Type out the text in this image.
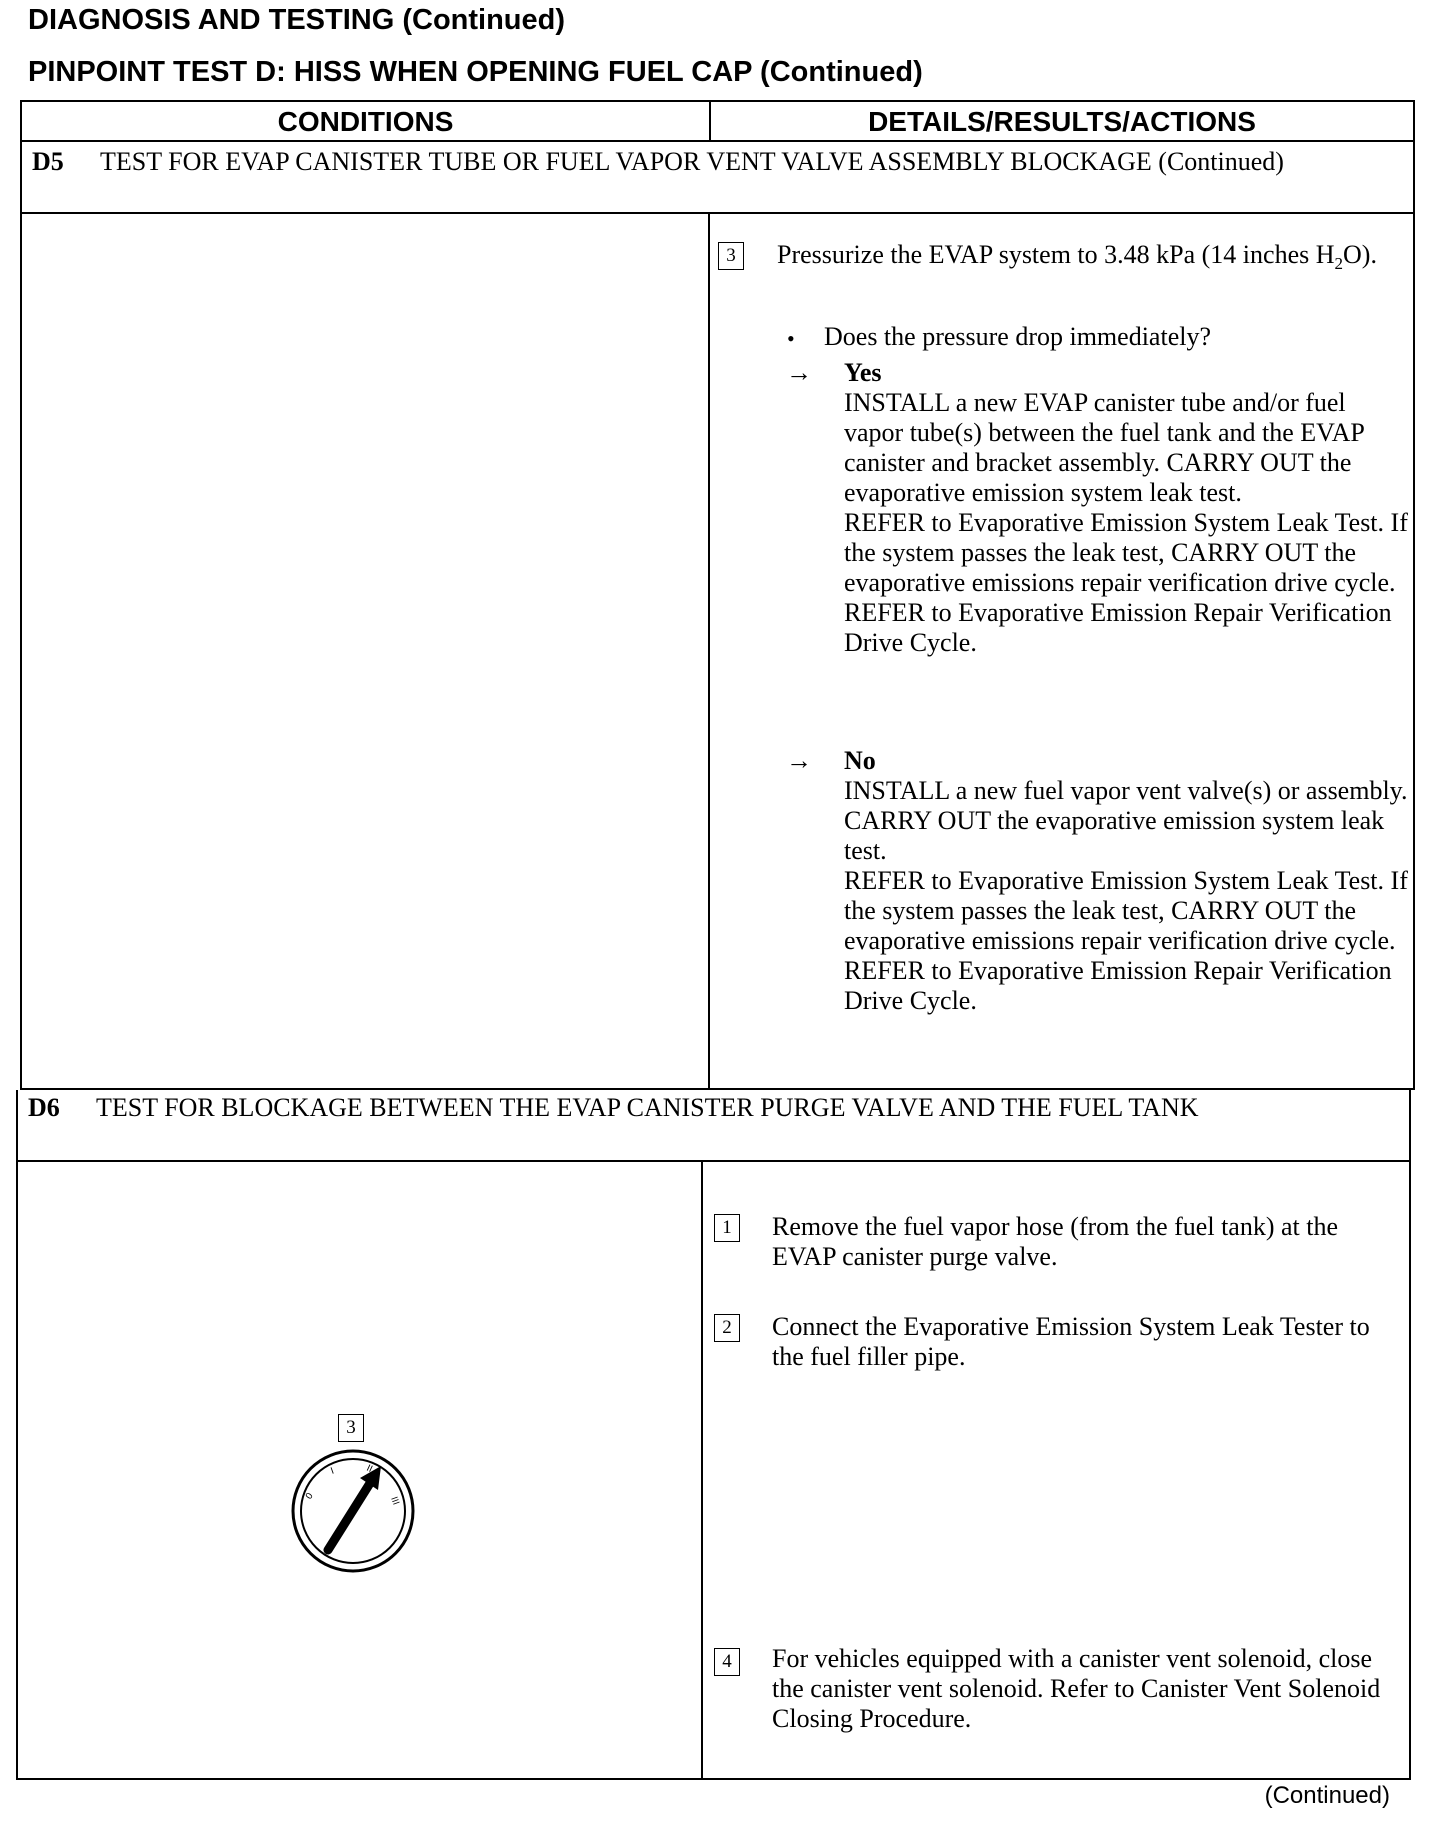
DIAGNOSIS AND TESTING (Continued)
PINPOINT TEST D: HISS WHEN OPENING FUEL CAP (Continued)
CONDITIONS	DETAILS/RESULTS/ACTIONS
D5 TEST FOR EVAP CANISTER TUBE OR FUEL VAPOR VENT VALVE ASSEMBLY BLOCKAGE (Continued)
3	Pressurize the EVAP system to 3.48 kPa (14 inches $H_2O$).
• Does the pressure drop immediately?
→ Yes
INSTALL a new EVAP canister tube and/or fuel vapor tube(s) between the fuel tank and the EVAP canister and bracket assembly. CARRY OUT the evaporative emission system leak test.
REFER to Evaporative Emission System Leak Test. If the system passes the leak test, CARRY OUT the evaporative emissions repair verification drive cycle. REFER to Evaporative Emission Repair Verification Drive Cycle.
→ No
INSTALL a new fuel vapor vent valve(s) or assembly. CARRY OUT the evaporative emission system leak test.
REFER to Evaporative Emission System Leak Test. If the system passes the leak test, CARRY OUT the evaporative emissions repair verification drive cycle. REFER to Evaporative Emission Repair Verification Drive Cycle.
D6 TEST FOR BLOCKAGE BETWEEN THE EVAP CANISTER PURGE VALVE AND THE FUEL TANK
3
0
I	II
III
1	Remove the fuel vapor hose (from the fuel tank) at the EVAP canister purge valve.
2	Connect the Evaporative Emission System Leak Tester to the fuel filler pipe.
4	For vehicles equipped with a canister vent solenoid, close the canister vent solenoid. Refer to Canister Vent Solenoid Closing Procedure.
(Continued)
